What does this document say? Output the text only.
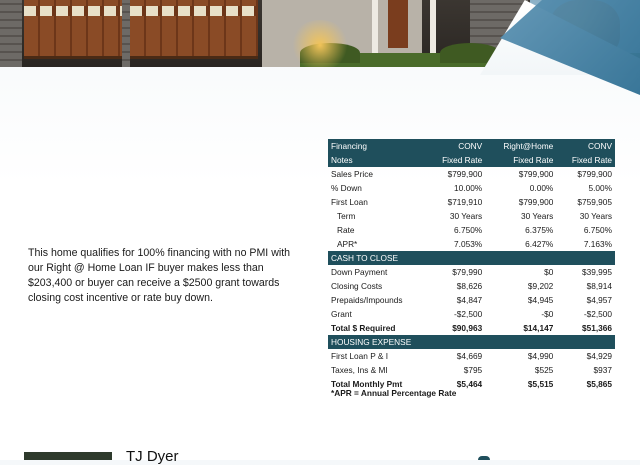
This home qualifies for 100% financing with no PMI with our Right @ Home Loan IF buyer makes less than $203,400 or buyer can receive a $2500 grant towards closing cost incentive or rate buy down.
Financing	CONV	Right@Home	CONV
Notes	Fixed Rate	Fixed Rate	Fixed Rate
Sales Price	$799,900	$799,900	$799,900
% Down	10.00%	0.00%	5.00%
First Loan	$719,910	$799,900	$759,905
Term	30 Years	30 Years	30 Years
Rate	6.750%	6.375%	6.750%
APR*	7.053%	6.427%	7.163%
CASH TO CLOSE			
Down Payment	$79,990	$0	$39,995
Closing Costs	$8,626	$9,202	$8,914
Prepaids/Impounds	$4,847	$4,945	$4,957
Grant	-$2,500	-$0	-$2,500
Total $ Required	$90,963	$14,147	$51,366
HOUSING EXPENSE			
First Loan P & I	$4,669	$4,990	$4,929
Taxes, Ins & MI	$795	$525	$937
Total Monthly Pmt	$5,464	$5,515	$5,865
*APR = Annual Percentage Rate
TJ Dyer
